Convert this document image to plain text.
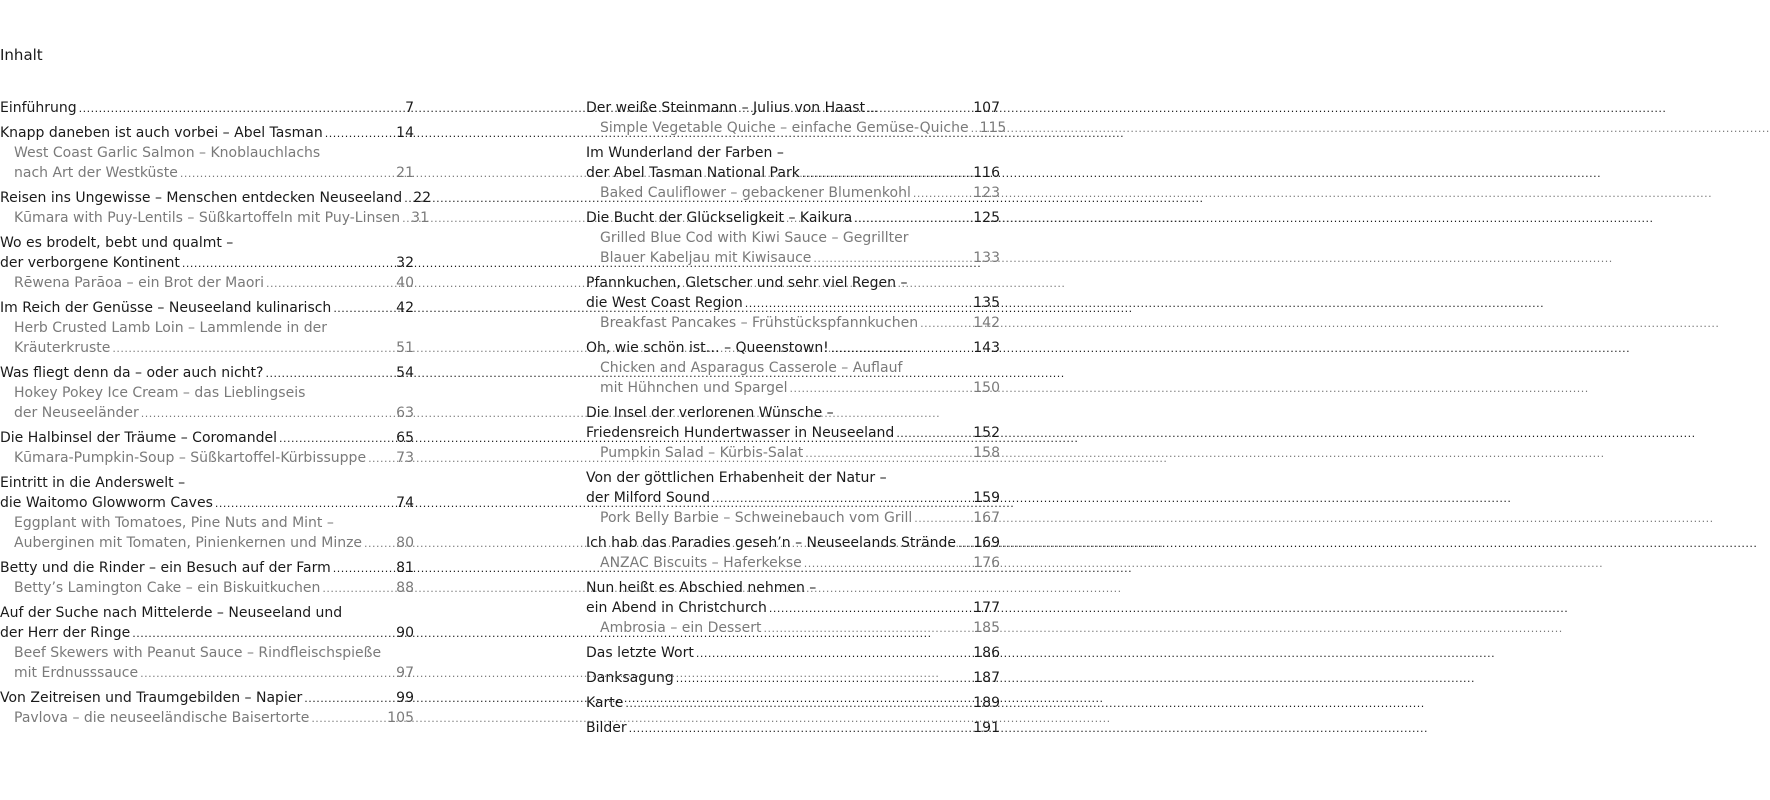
Inhalt
Einführung .....	7
Knapp daneben ist auch vorbei – Abel Tasman .....	14
West Coast Garlic Salmon – Knoblauchlachs
nach Art der Westküste .....	21
Reisen ins Ungewisse – Menschen entdecken Neuseeland ..... 22
Kūmara with Puy-Lentils – Süßkartoffeln mit Puy-Linsen ..... 31
Wo es brodelt, bebt und qualmt –
der verborgene Kontinent .....	32
Rēwena Parāoa – ein Brot der Maori .....	40
Im Reich der Genüsse – Neuseeland kulinarisch .....	42
Herb Crusted Lamb Loin – Lammlende in der
Kräuterkruste .....	51
Was fliegt denn da – oder auch nicht? .....	54
Hokey Pokey Ice Cream – das Lieblingseis
der Neuseeländer .....	63
Die Halbinsel der Träume – Coromandel .....	65
Kūmara-Pumpkin-Soup – Süßkartoffel-Kürbissuppe ..... 73
Eintritt in die Anderswelt –
die Waitomo Glowworm Caves .....	74
Eggplant with Tomatoes, Pine Nuts and Mint –
Auberginen mit Tomaten, Pinienkernen und Minze ..... 80
Betty und die Rinder – ein Besuch auf der Farm .....	81
Betty’s Lamington Cake – ein Biskuitkuchen .....	88
Auf der Suche nach Mittelerde – Neuseeland und
der Herr der Ringe .....	90
Beef Skewers with Peanut Sauce – Rindfleischspieße
mit Erdnusssauce .....	97
Von Zeitreisen und Traumgebilden – Napier .....	99
Pavlova – die neuseeländische Baisertorte .....	105
Der weiße Steinmann – Julius von Haast .....	107
Simple Vegetable Quiche – einfache Gemüse-Quiche ..... 115
Im Wunderland der Farben –
der Abel Tasman National Park .....	116
Baked Cauliflower – gebackener Blumenkohl .....	123
Die Bucht der Glückseligkeit – Kaikura .....	125
Grilled Blue Cod with Kiwi Sauce – Gegrillter
Blauer Kabeljau mit Kiwisauce .....	133
Pfannkuchen, Gletscher und sehr viel Regen –
die West Coast Region .....	135
Breakfast Pancakes – Frühstückspfannkuchen .....	142
Oh, wie schön ist… – Queenstown! .....	143
Chicken and Asparagus Casserole – Auflauf
mit Hühnchen und Spargel .....	150
Die Insel der verlorenen Wünsche –
Friedensreich Hundertwasser in Neuseeland .....	152
Pumpkin Salad – Kürbis-Salat .....	158
Von der göttlichen Erhabenheit der Natur –
der Milford Sound .....	159
Pork Belly Barbie – Schweinebauch vom Grill .....	167
Ich hab das Paradies geseh’n – Neuseelands Strände ..... 169
ANZAC Biscuits – Haferkekse .....	176
Nun heißt es Abschied nehmen –
ein Abend in Christchurch .....	177
Ambrosia – ein Dessert .....	185
Das letzte Wort .....	186
Danksagung .....	187
Karte .....	189
Bilder .....	191
